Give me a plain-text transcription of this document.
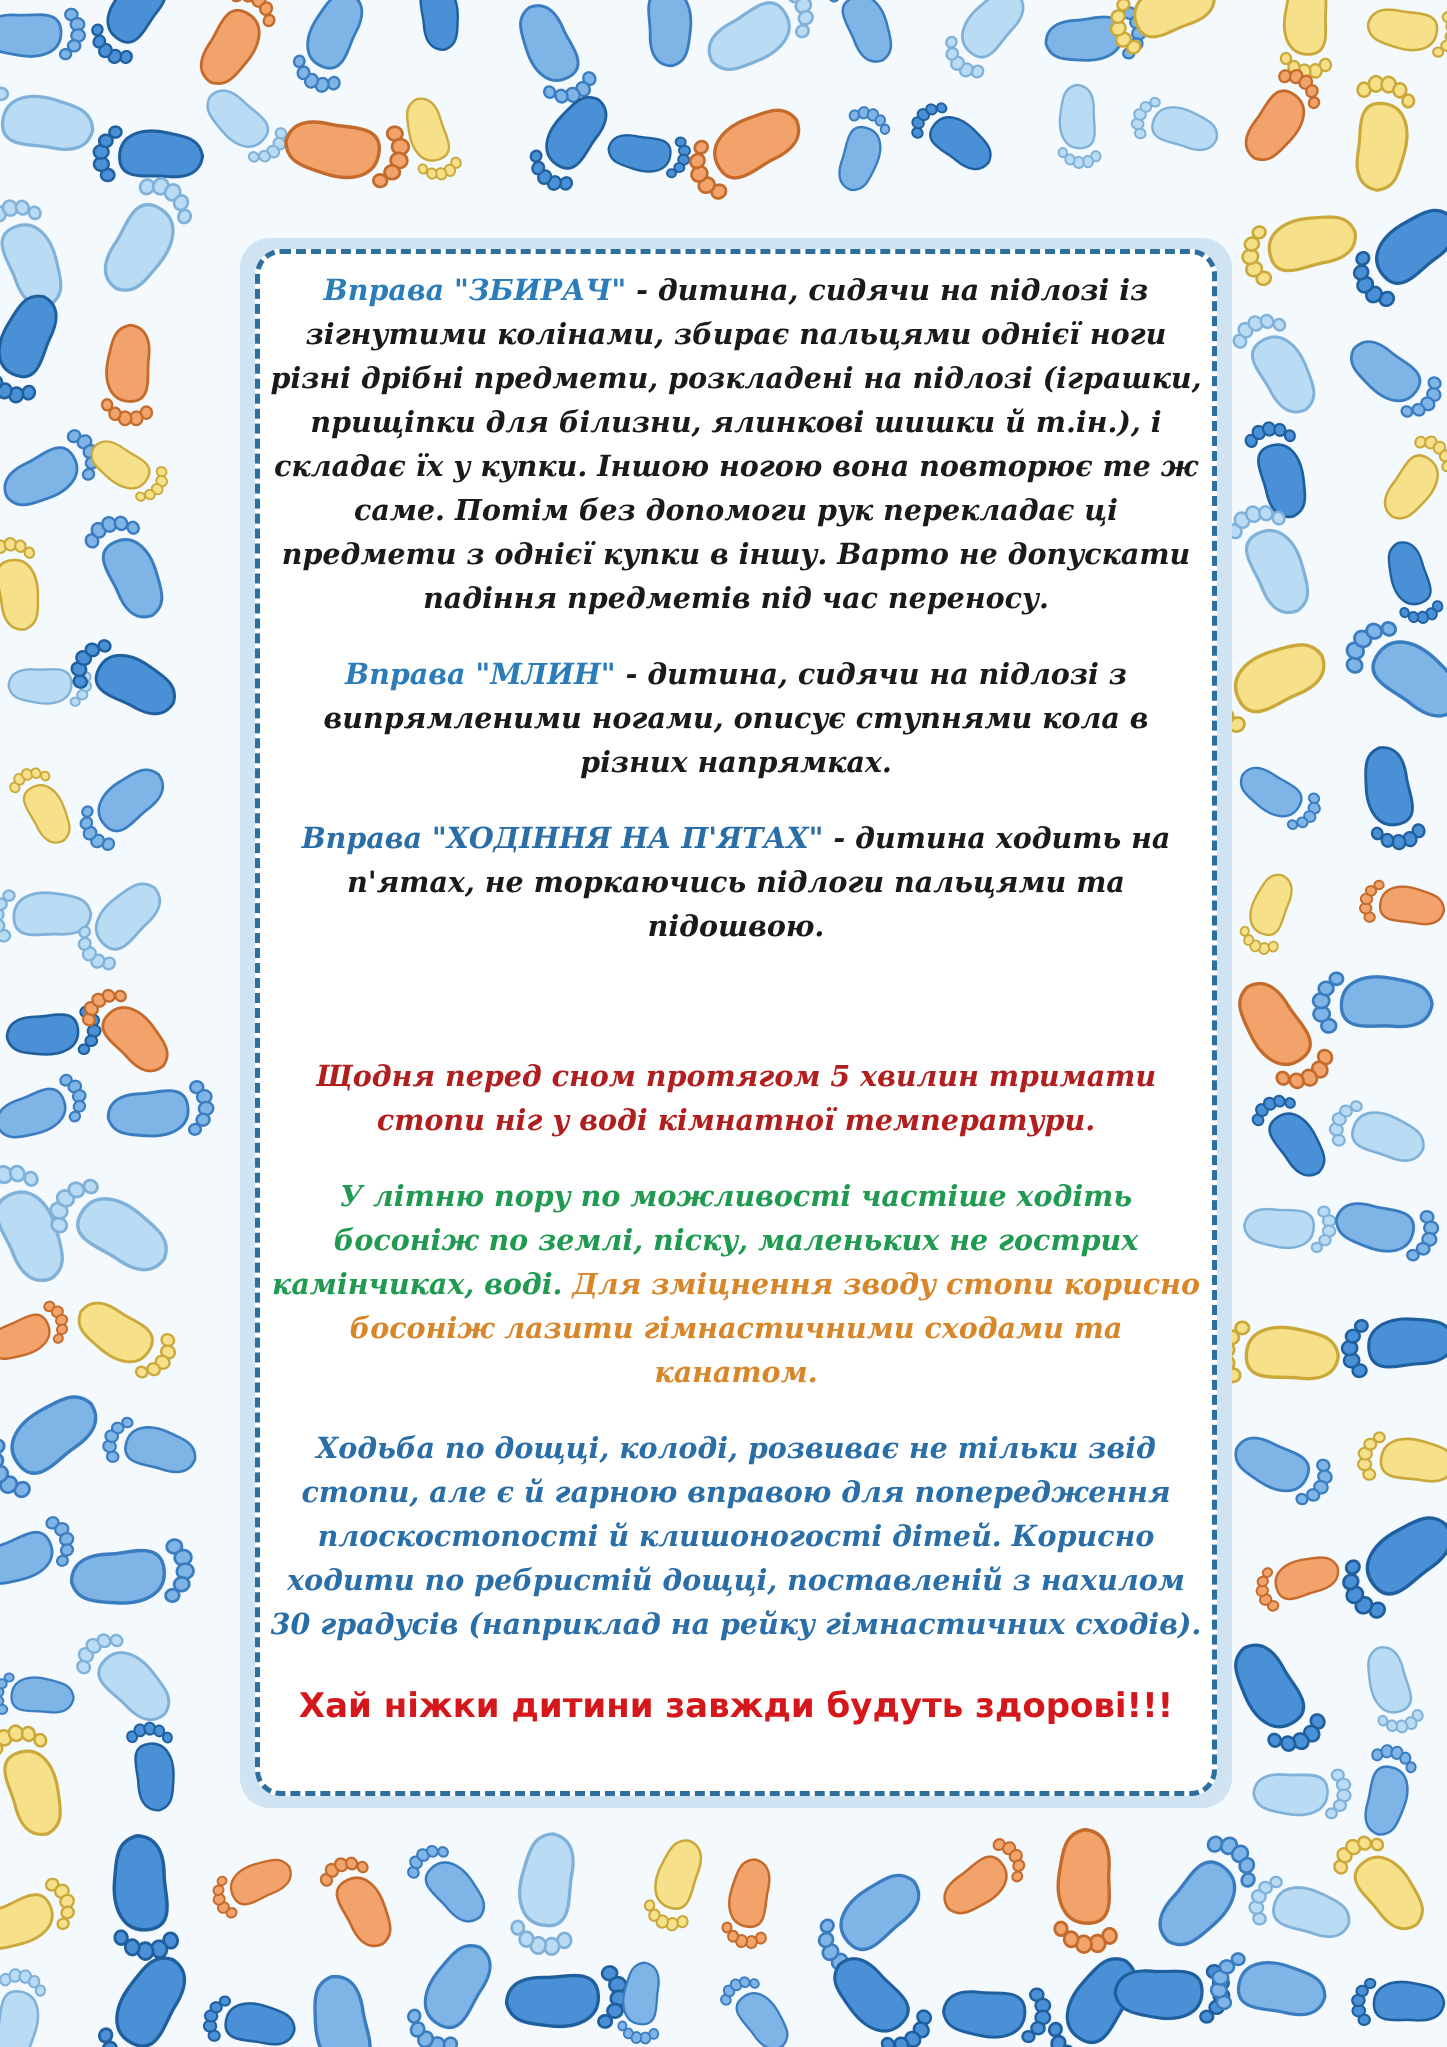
Вправа "ЗБИРАЧ" - дитина, сидячи на підлозі із зігнутими колінами, збирає пальцями однієї ноги різні дрібні предмети, розкладені на підлозі (іграшки, прищіпки для білизни, ялинкові шишки й т.ін.), і складає їх у купки. Іншою ногою вона повторює те ж саме. Потім без допомоги рук перекладає ці предмети з однієї купки в іншу. Варто не допускати падіння предметів під час переносу.

Вправа "МЛИН" - дитина, сидячи на підлозі з випрямленими ногами, описує ступнями кола в різних напрямках.

Вправа "ХОДІННЯ НА П'ЯТАХ" - дитина ходить на п'ятах, не торкаючись підлоги пальцями та підошвою.

Щодня перед сном протягом 5 хвилин тримати стопи ніг у воді кімнатної температури.

У літню пору по можливості частіше ходіть босоніж по землі, піску, маленьких не гострих камінчиках, воді. Для зміцнення зводу стопи корисно босоніж лазити гімнастичними сходами та канатом.

Ходьба по дощці, колоді, розвиває не тільки звід стопи, але є й гарною вправою для попередження плоскостопості й клишоногості дітей. Корисно ходити по ребристій дощці, поставленій з нахилом 30 градусів (наприклад на рейку гімнастичних сходів).

Хай ніжки дитини завжди будуть здорові!!!
